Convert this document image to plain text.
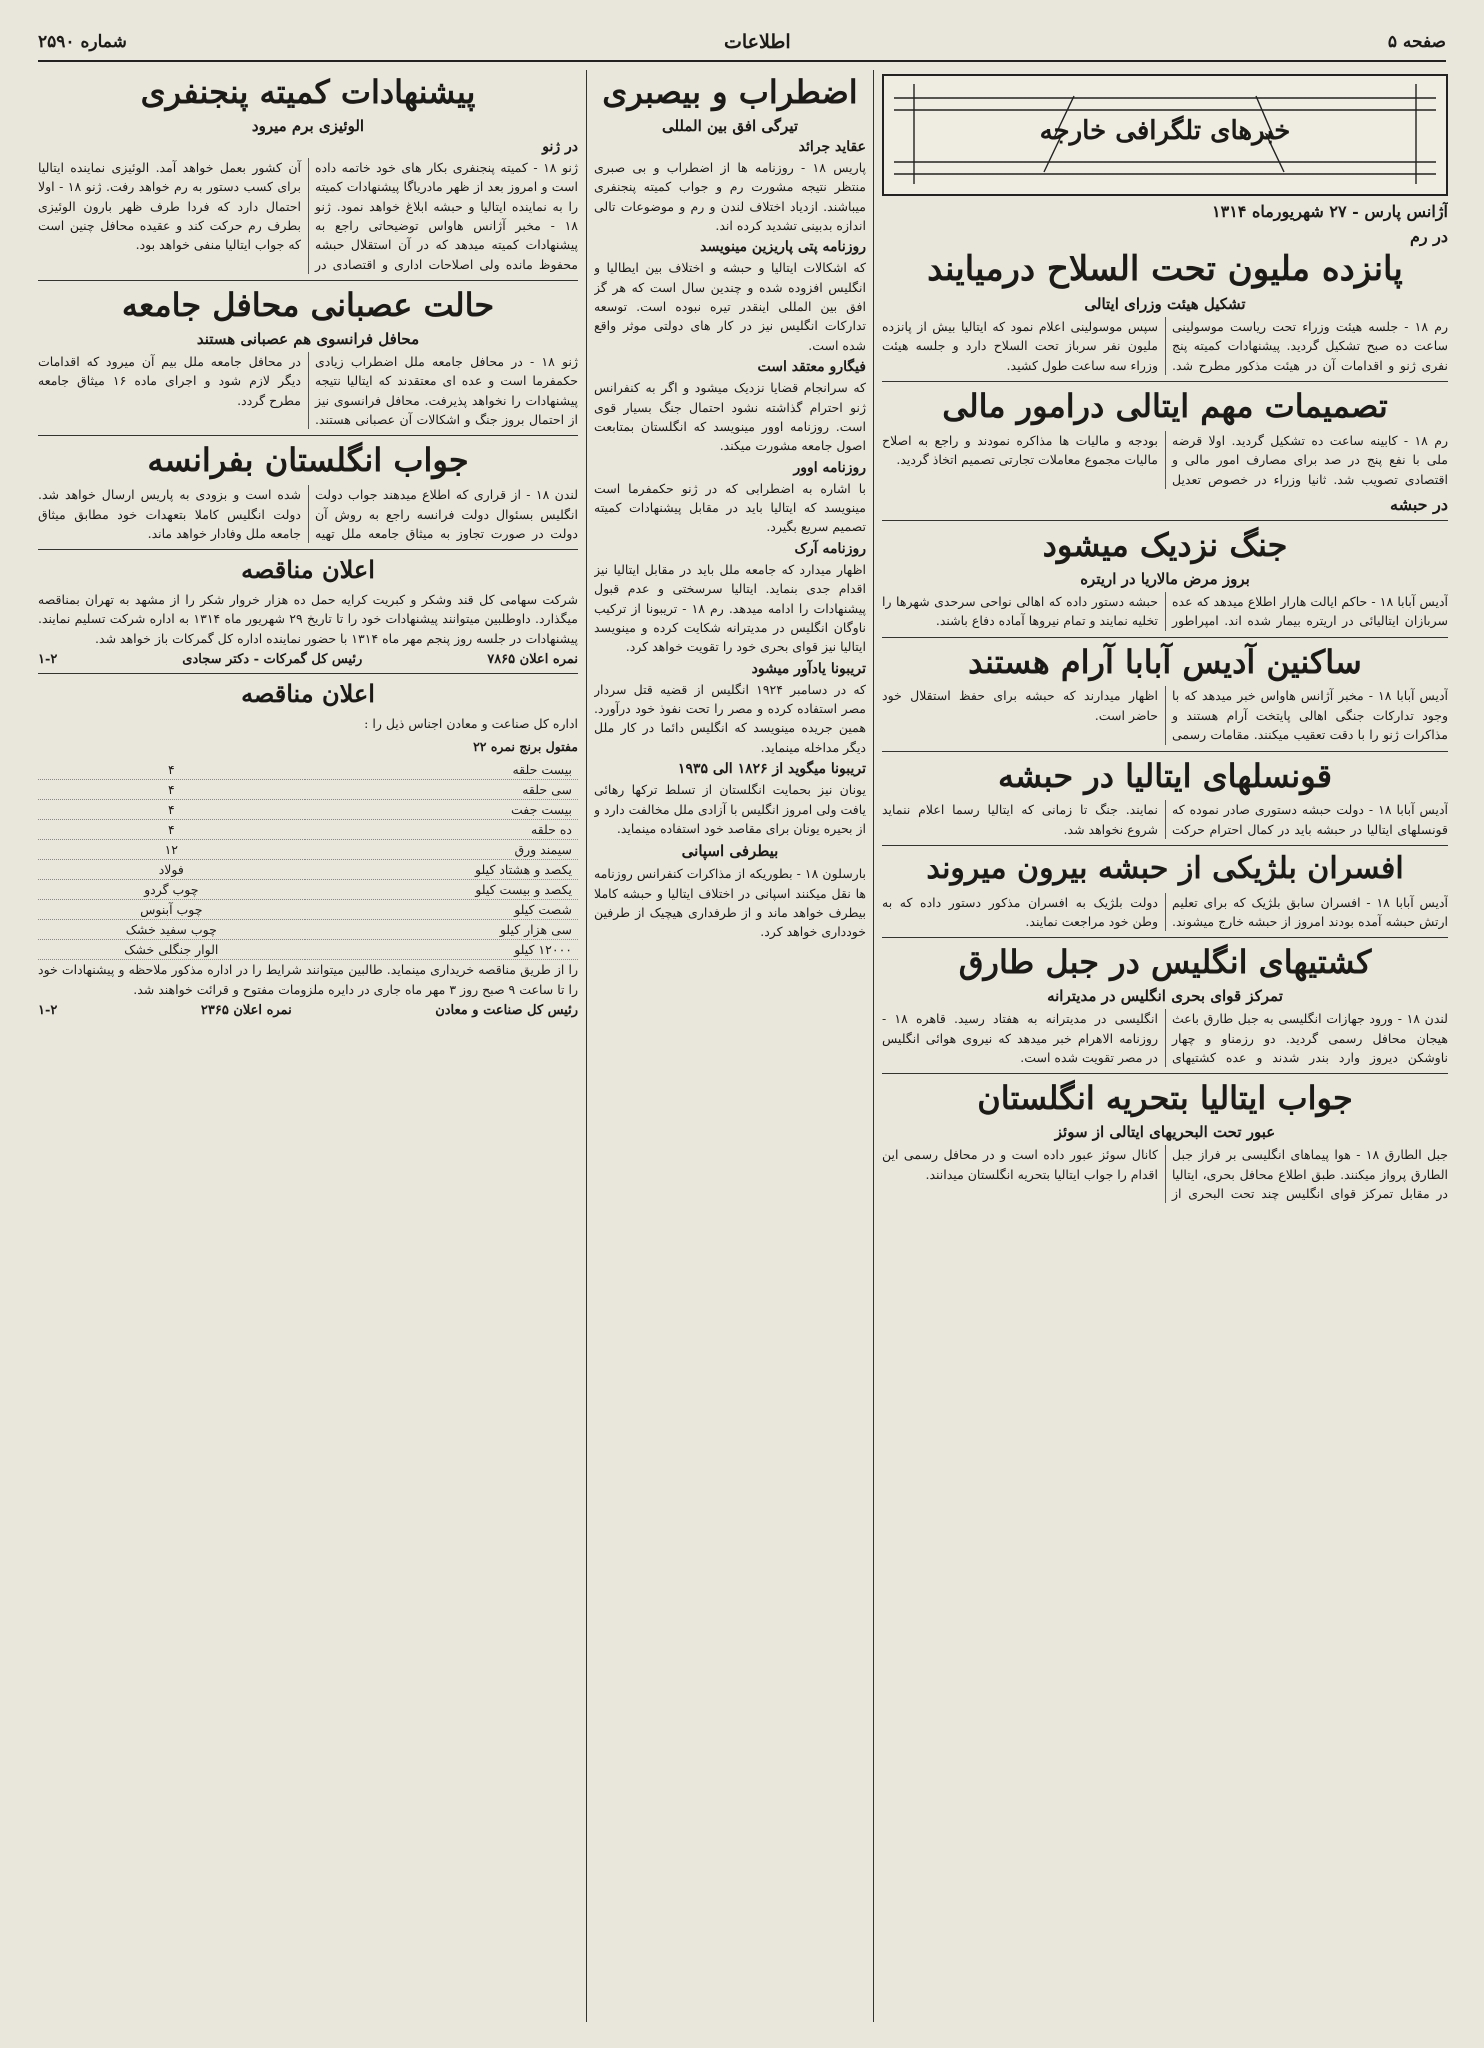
شماره ۲۵۹۰	اطلاعات	صفحه ۵
خبرهای تلگرافی خارجه
آژانس پارس - ۲۷ شهریورماه ۱۳۱۴
در رم
پانزده ملیون تحت السلاح درمیایند
تشکیل هیئت وزرای ایتالی

رم ۱۸ - جلسه هیئت وزراء تحت ریاست موسولینی ساعت ده صبح تشکیل گردید. پیشنهادات کمیته پنج نفری ژنو و اقدامات آن در هیئت مذکور مطرح شد. سپس موسولینی اعلام نمود که ایتالیا بیش از پانزده ملیون نفر سرباز تحت السلاح دارد و جلسه هیئت وزراء سه ساعت طول کشید.

تصمیمات مهم ایتالی درامور مالی

رم ۱۸ - کابینه ساعت ده تشکیل گردید. اولا قرضه ملی با نفع پنج در صد برای مصارف امور مالی و اقتصادی تصویب شد. ثانیا وزراء در خصوص تعدیل بودجه و مالیات ها مذاکره نمودند و راجع به اصلاح مالیات مجموع معاملات تجارتی تصمیم اتخاذ گردید.

در حبشه
جنگ نزدیک میشود
بروز مرض مالاریا در اریتره

آدیس آبابا ۱۸ - حاکم ایالت هارار اطلاع میدهد که عده سربازان ایتالیائی در اریتره بیمار شده اند. امپراطور حبشه دستور داده که اهالی نواحی سرحدی شهرها را تخلیه نمایند و تمام نیروها آماده دفاع باشند.

ساکنین آدیس آبابا آرام هستند

آدیس آبابا ۱۸ - مخبر آژانس هاواس خبر میدهد که با وجود تدارکات جنگی اهالی پایتخت آرام هستند و مذاکرات ژنو را با دقت تعقیب میکنند. مقامات رسمی اظهار میدارند که حبشه برای حفظ استقلال خود حاضر است.

قونسلهای ایتالیا در حبشه

آدیس آبابا ۱۸ - دولت حبشه دستوری صادر نموده که قونسلهای ایتالیا در حبشه باید در کمال احترام حرکت نمایند. جنگ تا زمانی که ایتالیا رسما اعلام ننماید شروع نخواهد شد.

افسران بلژیکی از حبشه بیرون میروند

آدیس آبابا ۱۸ - افسران سابق بلژیک که برای تعلیم ارتش حبشه آمده بودند امروز از حبشه خارج میشوند. دولت بلژیک به افسران مذکور دستور داده که به وطن خود مراجعت نمایند.

کشتیهای انگلیس در جبل طارق
تمرکز قوای بحری انگلیس در مدیترانه

لندن ۱۸ - ورود جهازات انگلیسی به جبل طارق باعث هیجان محافل رسمی گردید. دو رزمناو و چهار ناوشکن دیروز وارد بندر شدند و عده کشتیهای انگلیسی در مدیترانه به هفتاد رسید. قاهره ۱۸ - روزنامه الاهرام خبر میدهد که نیروی هوائی انگلیس در مصر تقویت شده است.

جواب ایتالیا بتحریه انگلستان
عبور تحت البحریهای ایتالی از سوئز

جبل الطارق ۱۸ - هوا پیماهای انگلیسی بر فراز جبل الطارق پرواز میکنند. طبق اطلاع محافل بحری، ایتالیا در مقابل تمرکز قوای انگلیس چند تحت البحری از کانال سوئز عبور داده است و در محافل رسمی این اقدام را جواب ایتالیا بتحریه انگلستان میدانند.

اضطراب و بیصبری
تیرگی افق بین المللی
عقاید جرائد

پاریس ۱۸ - روزنامه ها از اضطراب و بی صبری منتظر نتیجه مشورت رم و جواب کمیته پنجنفری میباشند. ازدیاد اختلاف لندن و رم و موضوعات تالی اندازه بدبینی تشدید کرده اند.

روزنامه پتی پاریزین مینویسد

که اشکالات ایتالیا و حبشه و اختلاف بین ایطالیا و انگلیس افزوده شده و چندین سال است که هر گز افق بین المللی اینقدر تیره نبوده است. توسعه تدارکات انگلیس نیز در کار های دولتی موثر واقع شده است.

فیگارو معتقد است

که سرانجام قضایا نزدیک میشود و اگر به کنفرانس ژنو احترام گذاشته نشود احتمال جنگ بسیار قوی است. روزنامه اوور مینویسد که انگلستان بمتابعت اصول جامعه مشورت میکند.

روزنامه اوور

با اشاره به اضطرابی که در ژنو حکمفرما است مینویسد که ایتالیا باید در مقابل پیشنهادات کمیته تصمیم سریع بگیرد.

روزنامه آرک

اظهار میدارد که جامعه ملل باید در مقابل ایتالیا نیز اقدام جدی بنماید. ایتالیا سرسختی و عدم قبول پیشنهادات را ادامه میدهد. رم ۱۸ - تریبونا از ترکیب ناوگان انگلیس در مدیترانه شکایت کرده و مینویسد ایتالیا نیز قوای بحری خود را تقویت خواهد کرد.

تریبونا یادآور میشود

که در دسامبر ۱۹۲۴ انگلیس از قضیه قتل سردار مصر استفاده کرده و مصر را تحت نفوذ خود درآورد. همین جریده مینویسد که انگلیس دائما در کار ملل دیگر مداخله مینماید.

تریبونا میگوید از ۱۸۲۶ الی ۱۹۳۵

یونان نیز بحمایت انگلستان از تسلط ترکها رهائی یافت ولی امروز انگلیس با آزادی ملل مخالفت دارد و از بحیره یونان برای مقاصد خود استفاده مینماید.

بیطرفی اسپانی

بارسلون ۱۸ - بطوریکه از مذاکرات کنفرانس روزنامه ها نقل میکنند اسپانی در اختلاف ایتالیا و حبشه کاملا بیطرف خواهد ماند و از طرفداری هیچیک از طرفین خودداری خواهد کرد.

پیشنهادات کمیته پنجنفری
الوئیزی برم میرود
در ژنو

ژنو ۱۸ - کمیته پنجنفری بکار های خود خاتمه داده است و امروز بعد از ظهر مادریاگا پیشنهادات کمیته را به نماینده ایتالیا و حبشه ابلاغ خواهد نمود. ژنو ۱۸ - مخبر آژانس هاواس توضیحاتی راجع به پیشنهادات کمیته میدهد که در آن استقلال حبشه محفوظ مانده ولی اصلاحات اداری و اقتصادی در آن کشور بعمل خواهد آمد. الوئیزی نماینده ایتالیا برای کسب دستور به رم خواهد رفت. ژنو ۱۸ - اولا احتمال دارد که فردا طرف ظهر بارون الوئیزی بطرف رم حرکت کند و عقیده محافل چنین است که جواب ایتالیا منفی خواهد بود.

حالت عصبانی محافل جامعه
محافل فرانسوی هم عصبانی هستند

ژنو ۱۸ - در محافل جامعه ملل اضطراب زیادی حکمفرما است و عده ای معتقدند که ایتالیا نتیجه پیشنهادات را نخواهد پذیرفت. محافل فرانسوی نیز از احتمال بروز جنگ و اشکالات آن عصبانی هستند. در محافل جامعه ملل بیم آن میرود که اقدامات دیگر لازم شود و اجرای ماده ۱۶ میثاق جامعه مطرح گردد.

جواب انگلستان بفرانسه

لندن ۱۸ - از قراری که اطلاع میدهند جواب دولت انگلیس بسئوال دولت فرانسه راجع به روش آن دولت در صورت تجاوز به میثاق جامعه ملل تهیه شده است و بزودی به پاریس ارسال خواهد شد. دولت انگلیس کاملا بتعهدات خود مطابق میثاق جامعه ملل وفادار خواهد ماند.

اعلان مناقصه

شرکت سهامی کل قند وشکر و کبریت کرایه حمل ده هزار خروار شکر را از مشهد به تهران بمناقصه میگذارد. داوطلبین میتوانند پیشنهادات خود را تا تاریخ ۲۹ شهریور ماه ۱۳۱۴ به اداره شرکت تسلیم نمایند. پیشنهادات در جلسه روز پنجم مهر ماه ۱۳۱۴ با حضور نماینده اداره کل گمرکات باز خواهد شد.

نمره اعلان ۷۸۶۵
رئیس کل گمرکات - دکتر سجادی
۱-۲
اعلان مناقصه

اداره کل صناعت و معادن اجناس ذیل را :

مفتول برنج نمره ۲۲

بیست حلقه	۴
سی حلقه	۴
بیست جفت	۴
ده حلقه	۴
سیمند ورق	۱۲
یکصد و هشتاد کیلو	فولاد
یکصد و بیست کیلو	چوب گردو
شصت کیلو	چوب آبنوس
سی هزار کیلو	چوب سفید خشک
۱۲۰۰۰ کیلو	الوار جنگلی خشک

را از طریق مناقصه خریداری مینماید. طالبین میتوانند شرایط را در اداره مذکور ملاحظه و پیشنهادات خود را تا ساعت ۹ صبح روز ۳ مهر ماه جاری در دایره ملزومات مفتوح و قرائت خواهند شد.

رئیس کل صناعت و معادن
نمره اعلان ۲۳۶۵
۱-۲
